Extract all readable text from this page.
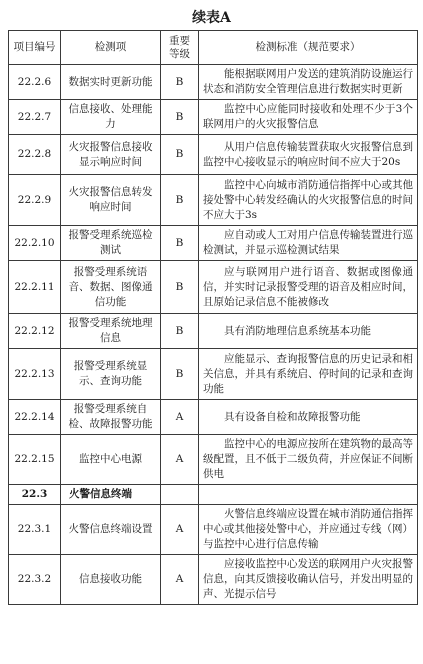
续表A
项目编号	检测项	重要等级	检测标准（规范要求）
22.2.6	数据实时更新功能	B	能根据联网用户发送的建筑消防设施运行状态和消防安全管理信息进行数据实时更新
22.2.7	信息接收、处理能力	B	监控中心应能同时接收和处理不少于3个联网用户的火灾报警信息
22.2.8	火灾报警信息接收显示响应时间	B	从用户信息传输装置获取火灾报警信息到监控中心接收显示的响应时间不应大于20s
22.2.9	火灾报警信息转发响应时间	B	监控中心向城市消防通信指挥中心或其他接处警中心转发经确认的火灾报警信息的时间不应大于3s
22.2.10	报警受理系统巡检测试	B	应自动或人工对用户信息传输装置进行巡检测试，并显示巡检测试结果
22.2.11	报警受理系统语音、数据、图像通信功能	B	应与联网用户进行语音、数据或图像通信，并实时记录报警受理的语音及相应时间，且原始记录信息不能被修改
22.2.12	报警受理系统地理信息	B	具有消防地理信息系统基本功能
22.2.13	报警受理系统显示、查询功能	B	应能显示、查询报警信息的历史记录和相关信息，并具有系统启、停时间的记录和查询功能
22.2.14	报警受理系统自检、故障报警功能	A	具有设备自检和故障报警功能
22.2.15	监控中心电源	A	监控中心的电源应按所在建筑物的最高等级配置，且不低于二级负荷，并应保证不间断供电
22.3	火警信息终端		
22.3.1	火警信息终端设置	A	火警信息终端应设置在城市消防通信指挥中心或其他接处警中心，并应通过专线（网）与监控中心进行信息传输
22.3.2	信息接收功能	A	应接收监控中心发送的联网用户火灾报警信息，向其反馈接收确认信号，并发出明显的声、光提示信号
